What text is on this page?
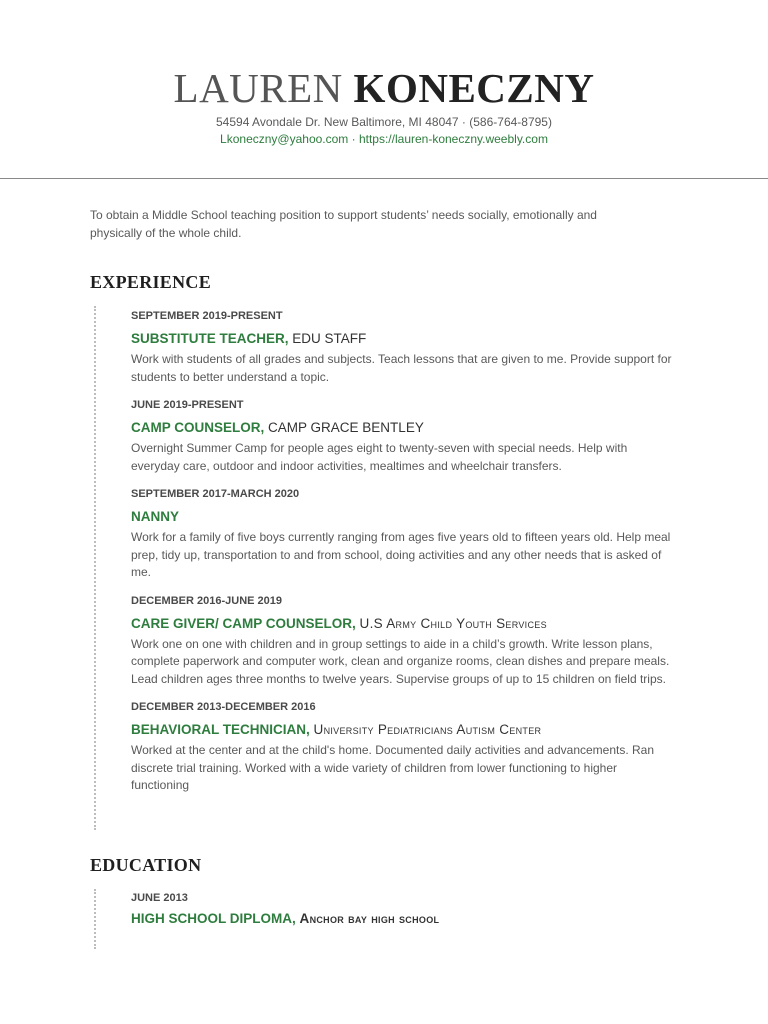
LAUREN KONECZNY
54594 Avondale Dr. New Baltimore, MI 48047 · (586-764-8795)
Lkoneczny@yahoo.com · https://lauren-koneczny.weebly.com
To obtain a Middle School teaching position to support students’ needs socially, emotionally and physically of the whole child.
EXPERIENCE
SEPTEMBER 2019-PRESENT
SUBSTITUTE TEACHER, EDU STAFF
Work with students of all grades and subjects. Teach lessons that are given to me. Provide support for students to better understand a topic.
JUNE 2019-PRESENT
CAMP COUNSELOR, CAMP GRACE BENTLEY
Overnight Summer Camp for people ages eight to twenty-seven with special needs. Help with everyday care, outdoor and indoor activities, mealtimes and wheelchair transfers.
SEPTEMBER 2017-MARCH 2020
NANNY
Work for a family of five boys currently ranging from ages five years old to fifteen years old. Help meal prep, tidy up, transportation to and from school, doing activities and any other needs that is asked of me.
DECEMBER 2016-JUNE 2019
CARE GIVER/ CAMP COUNSELOR, U.S Army Child Youth Services
Work one on one with children and in group settings to aide in a child’s growth. Write lesson plans, complete paperwork and computer work, clean and organize rooms, clean dishes and prepare meals. Lead children ages three months to twelve years. Supervise groups of up to 15 children on field trips.
DECEMBER 2013-DECEMBER 2016
BEHAVIORAL TECHNICIAN, University Pediatricians Autism Center
Worked at the center and at the child's home. Documented daily activities and advancements. Ran discrete trial training. Worked with a wide variety of children from lower functioning to higher functioning
EDUCATION
JUNE 2013
HIGH SCHOOL DIPLOMA, Anchor bay high school
